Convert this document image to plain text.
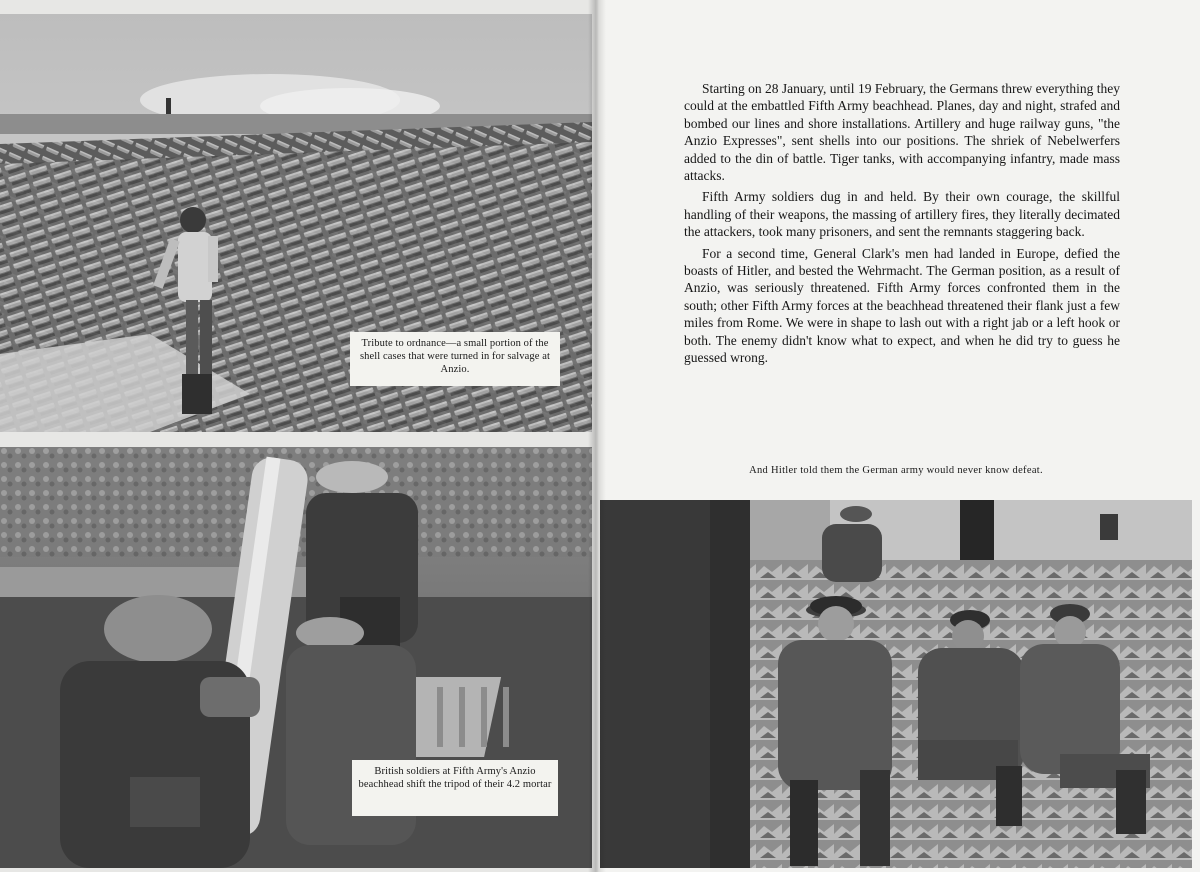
Tribute to ordnance—a small portion of the shell cases that were turned in for salvage at Anzio.
British soldiers at Fifth Army's Anzio beachhead shift the tripod of their 4.2 mortar

Starting on 28 January, until 19 February, the Germans threw everything they could at the embattled Fifth Army beachhead. Planes, day and night, strafed and bombed our lines and shore installations. Artillery and huge railway guns, "the Anzio Expresses", sent shells into our positions. The shriek of Nebelwerfers added to the din of battle. Tiger tanks, with accompanying infantry, made mass attacks.

Fifth Army soldiers dug in and held. By their own courage, the skillful handling of their weapons, the massing of artillery fires, they literally decimated the attackers, took many prisoners, and sent the remnants staggering back.

For a second time, General Clark's men had landed in Europe, defied the boasts of Hitler, and bested the Wehrmacht. The German position, as a result of Anzio, was seriously threatened. Fifth Army forces confronted them in the south; other Fifth Army forces at the beachhead threatened their flank just a few miles from Rome. We were in shape to lash out with a right jab or a left hook or both. The enemy didn't know what to expect, and when he did try to guess he guessed wrong.

And Hitler told them the German army would never know defeat.
